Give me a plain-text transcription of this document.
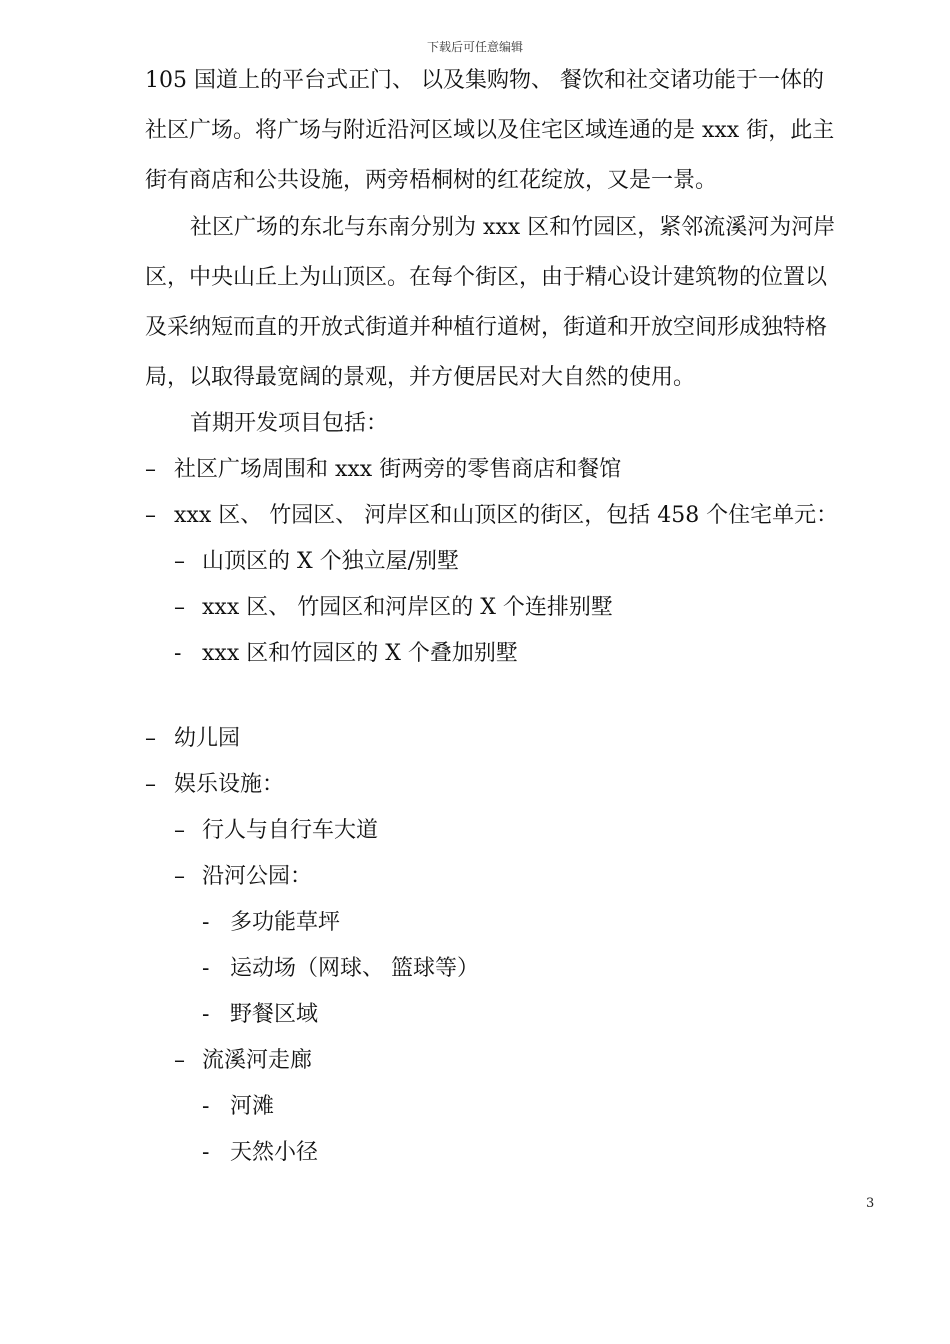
下载后可任意编辑
105 国道上的平台式正门、 以及集购物、 餐饮和社交诸功能于一体的
社区广场。将广场与附近沿河区域以及住宅区域连通的是 xxx 街，此主
街有商店和公共设施，两旁梧桐树的红花绽放，又是一景。
社区广场的东北与东南分别为 xxx 区和竹园区，紧邻流溪河为河岸
区，中央山丘上为山顶区。在每个街区，由于精心设计建筑物的位置以
及采纳短而直的开放式街道并种植行道树，街道和开放空间形成独特格
局，以取得最宽阔的景观，并方便居民对大自然的使用。
首期开发项目包括：
– 社区广场周围和 xxx 街两旁的零售商店和餐馆
– xxx 区、 竹园区、 河岸区和山顶区的街区，包括 458 个住宅单元：
– 山顶区的 X 个独立屋/别墅
– xxx 区、 竹园区和河岸区的 X 个连排别墅
- xxx 区和竹园区的 X 个叠加别墅
– 幼儿园
– 娱乐设施：
– 行人与自行车大道
– 沿河公园：
- 多功能草坪
- 运动场（网球、 篮球等）
- 野餐区域
– 流溪河走廊
- 河滩
- 天然小径
3
